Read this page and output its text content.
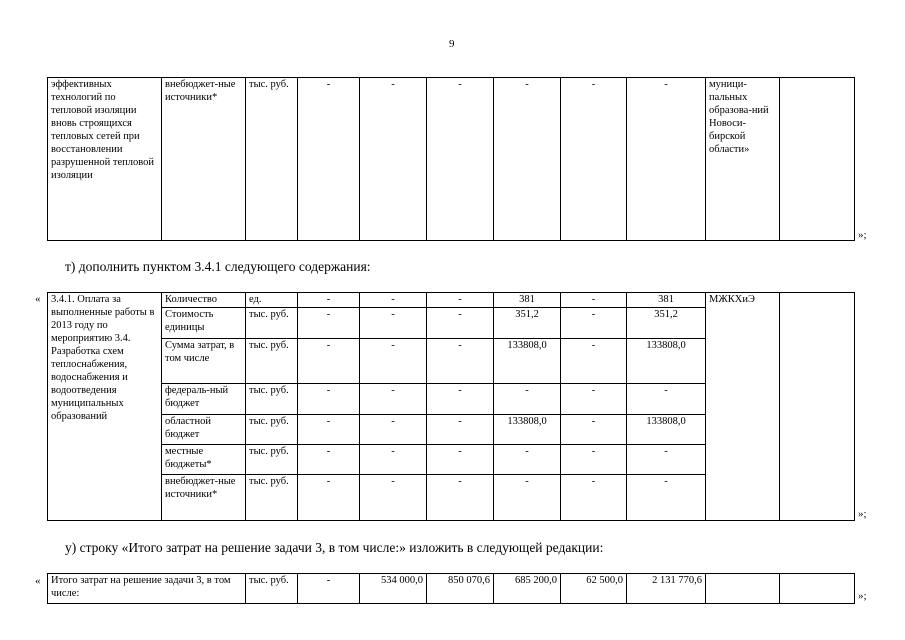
9
эффективных технологий по тепловой изоляции вновь строящихся тепловых сетей при восстановлении разрушенной тепловой изоляции	внебюджет-ные источники*	тыс. руб.	-	-	-	-	-	-	муници-пальных образова-ний Новоси-бирской области»	
»;
т) дополнить пунктом 3.4.1 следующего содержания:
« 3.4.1. Оплата за выполненные работы в 2013 году по мероприятию 3.4. Разработка схем теплоснабжения, водоснабжения и водоотведения муниципальных образований	Количество	ед.	-	-	-	381	-	381	МЖКХиЭ	
	Стоимость единицы	тыс. руб.	-	-	-	351,2	-	351,2		
	Сумма затрат, в том числе	тыс. руб.	-	-	-	133808,0	-	133808,0		
	федераль-ный бюджет	тыс. руб.	-	-	-	-	-	-		
	областной бюджет	тыс. руб.	-	-	-	133808,0	-	133808,0		
	местные бюджеты*	тыс. руб.	-	-	-	-	-	-		
	внебюджет-ные источники*	тыс. руб.	-	-	-	-	-	-		
»;
у) строку «Итого затрат на решение задачи 3, в том числе:» изложить в следующей редакции:
« Итого затрат на решение задачи 3, в том числе:	тыс. руб.	-	534 000,0	850 070,6	685 200,0	62 500,0	2 131 770,6		
»;
